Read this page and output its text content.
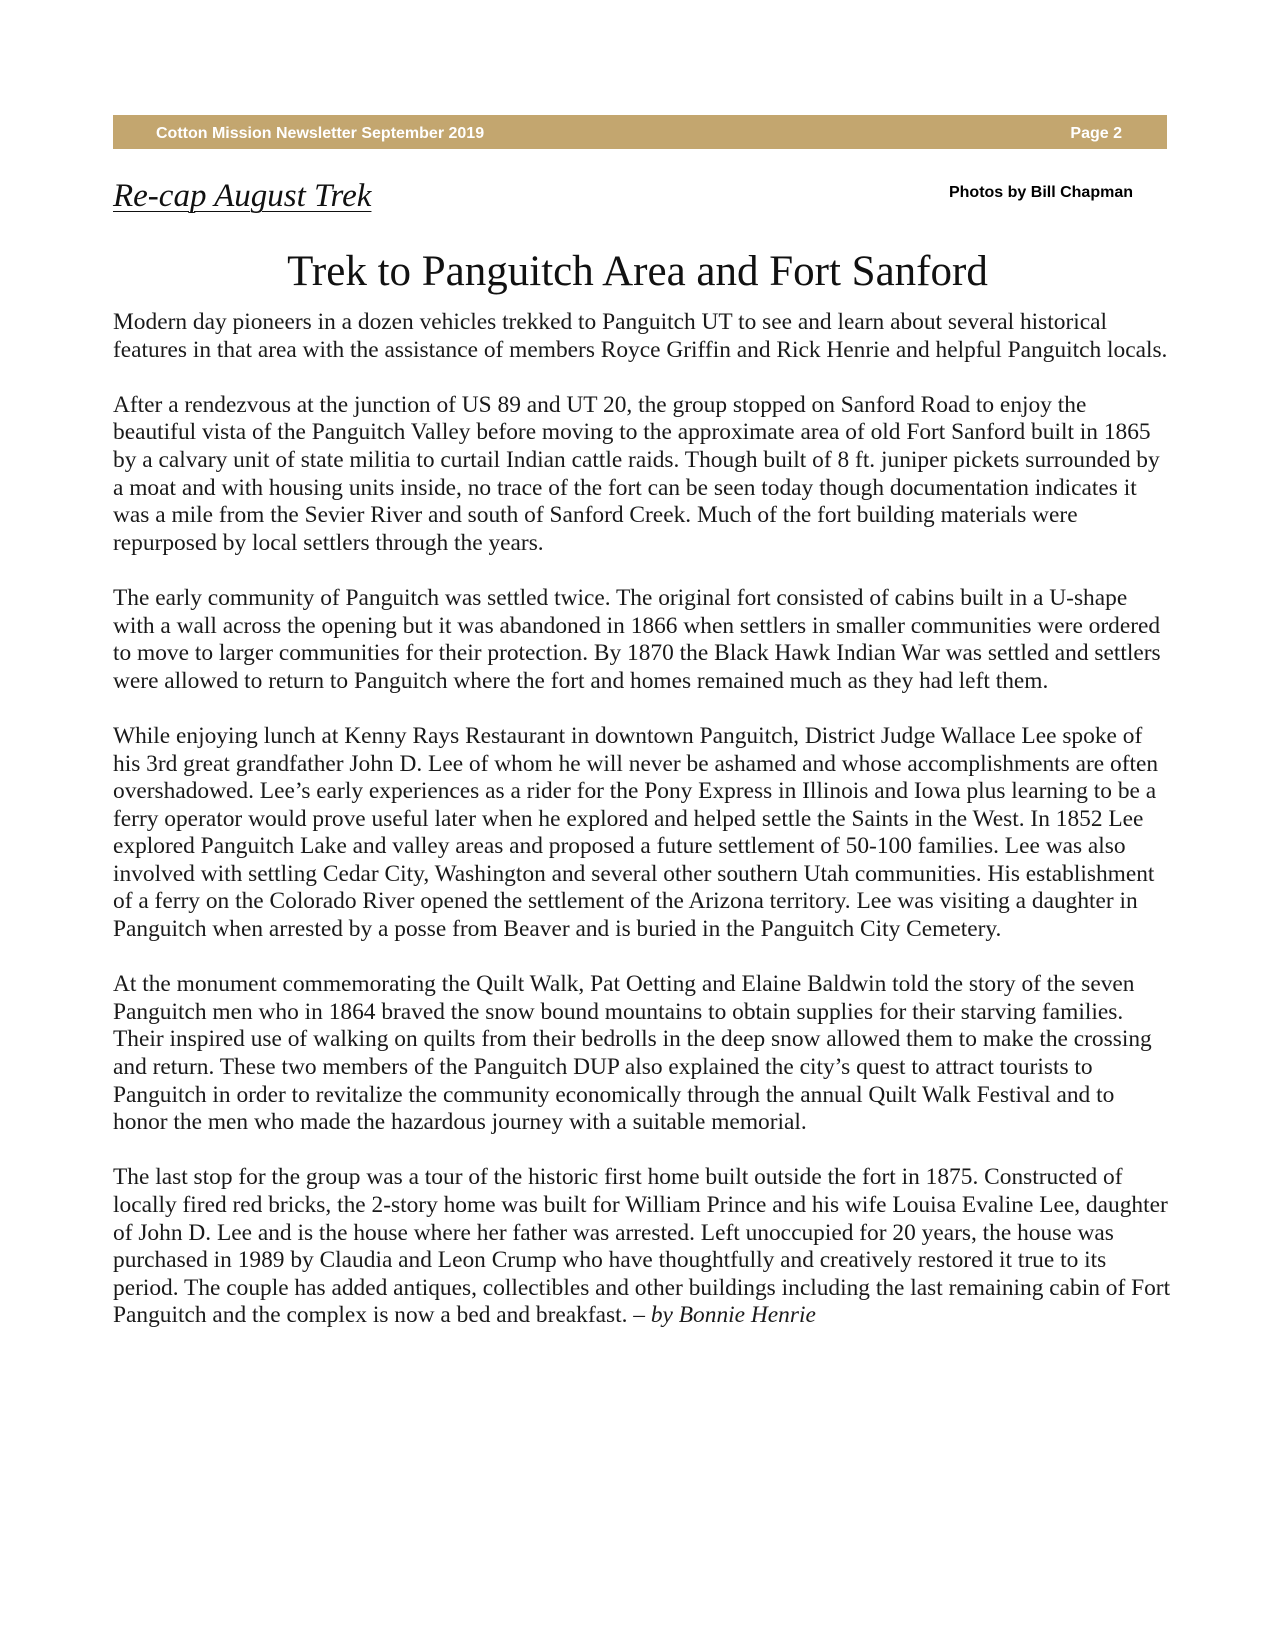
Cotton Mission Newsletter September 2019	Page 2
Re-cap August Trek	Photos by Bill Chapman
Trek to Panguitch Area and Fort Sanford

Modern day pioneers in a dozen vehicles trekked to Panguitch UT to see and learn about several historical features in that area with the assistance of members Royce Griffin and Rick Henrie and helpful Panguitch locals.

After a rendezvous at the junction of US 89 and UT 20, the group stopped on Sanford Road to enjoy the beautiful vista of the Panguitch Valley before moving to the approximate area of old Fort Sanford built in 1865 by a calvary unit of state militia to curtail Indian cattle raids. Though built of 8 ft. juniper pickets surrounded by a moat and with housing units inside, no trace of the fort can be seen today though documentation indicates it was a mile from the Sevier River and south of Sanford Creek. Much of the fort building materials were repurposed by local settlers through the years.

The early community of Panguitch was settled twice. The original fort consisted of cabins built in a U-shape with a wall across the opening but it was abandoned in 1866 when settlers in smaller communities were ordered to move to larger communities for their protection. By 1870 the Black Hawk Indian War was settled and settlers were allowed to return to Panguitch where the fort and homes remained much as they had left them.

While enjoying lunch at Kenny Rays Restaurant in downtown Panguitch, District Judge Wallace Lee spoke of his 3rd great grandfather John D. Lee of whom he will never be ashamed and whose accomplishments are often overshadowed. Lee’s early experiences as a rider for the Pony Express in Illinois and Iowa plus learning to be a ferry operator would prove useful later when he explored and helped settle the Saints in the West. In 1852 Lee explored Panguitch Lake and valley areas and proposed a future settlement of 50-100 families. Lee was also involved with settling Cedar City, Washington and several other southern Utah communities. His establishment of a ferry on the Colorado River opened the settlement of the Arizona territory. Lee was visiting a daughter in Panguitch when arrested by a posse from Beaver and is buried in the Panguitch City Cemetery.

At the monument commemorating the Quilt Walk, Pat Oetting and Elaine Baldwin told the story of the seven Panguitch men who in 1864 braved the snow bound mountains to obtain supplies for their starving families. Their inspired use of walking on quilts from their bedrolls in the deep snow allowed them to make the crossing and return. These two members of the Panguitch DUP also explained the city’s quest to attract tourists to Panguitch in order to revitalize the community economically through the annual Quilt Walk Festival and to honor the men who made the hazardous journey with a suitable memorial.

The last stop for the group was a tour of the historic first home built outside the fort in 1875. Constructed of locally fired red bricks, the 2-story home was built for William Prince and his wife Louisa Evaline Lee, daughter of John D. Lee and is the house where her father was arrested. Left unoccupied for 20 years, the house was purchased in 1989 by Claudia and Leon Crump who have thoughtfully and creatively restored it true to its period. The couple has added antiques, collectibles and other buildings including the last remaining cabin of Fort Panguitch and the complex is now a bed and breakfast. – by Bonnie Henrie
